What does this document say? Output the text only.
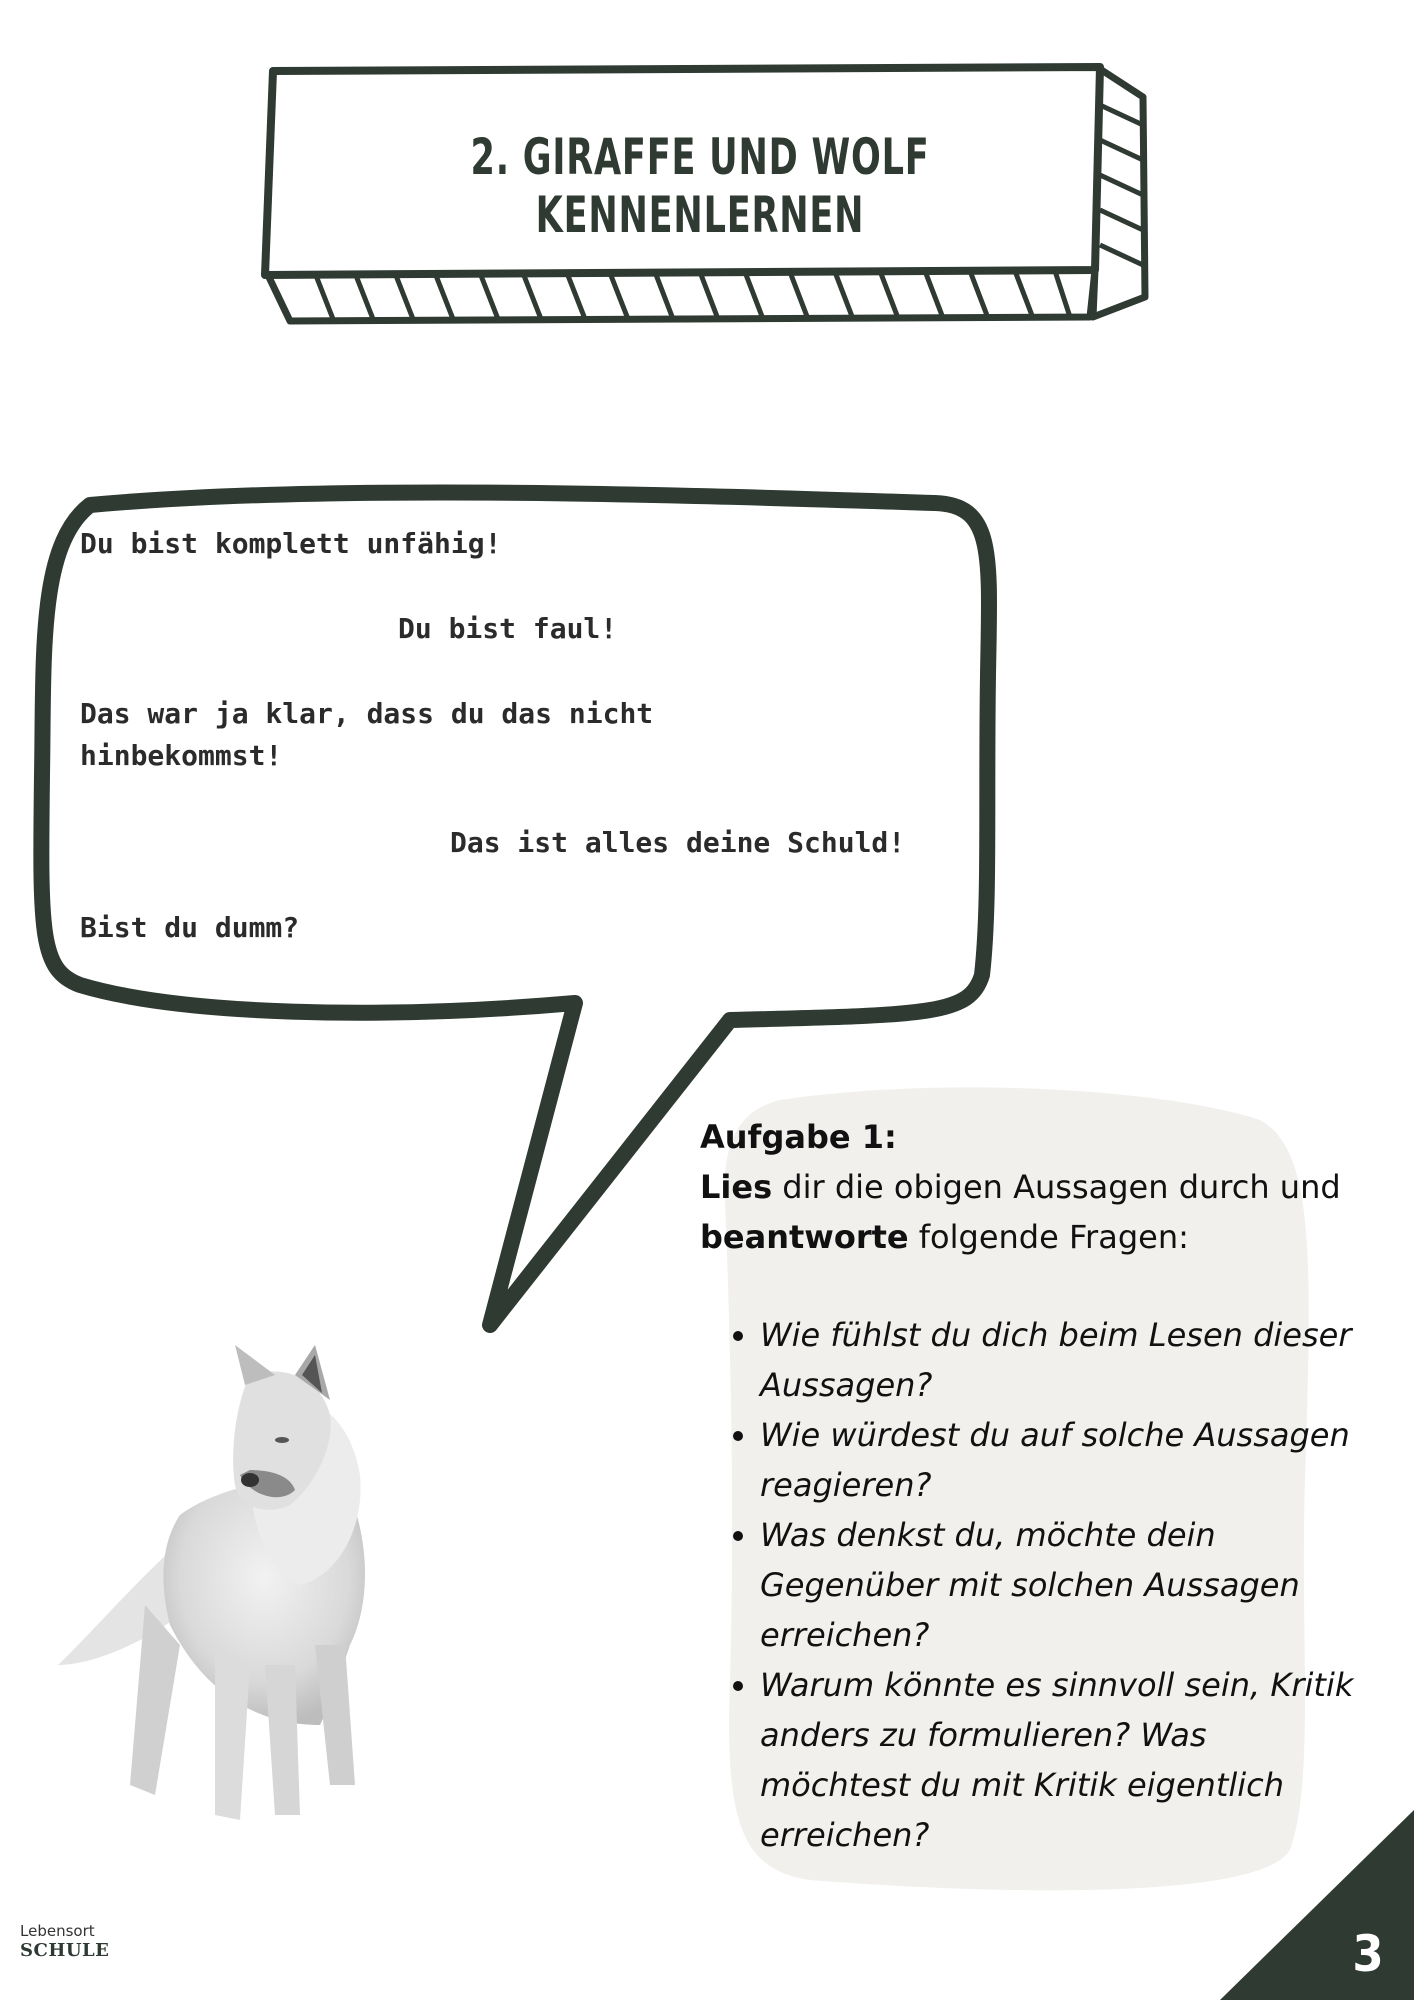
2. GIRAFFE UND WOLF KENNENLERNEN
Du bist komplett unfähig!
Du bist faul!
Das war ja klar, dass du das nicht
hinbekommst!
Das ist alles deine Schuld!
Bist du dumm?
Aufgabe 1:
Lies dir die obigen Aussagen durch und
beantworte folgende Fragen:
• Wie fühlst du dich beim Lesen dieser Aussagen?
• Wie würdest du auf solche Aussagen reagieren?
• Was denkst du, möchte dein Gegenüber mit solchen Aussagen erreichen?
• Warum könnte es sinnvoll sein, Kritik anders zu formulieren? Was möchtest du mit Kritik eigentlich erreichen?
Lebensort
SCHULE	3
